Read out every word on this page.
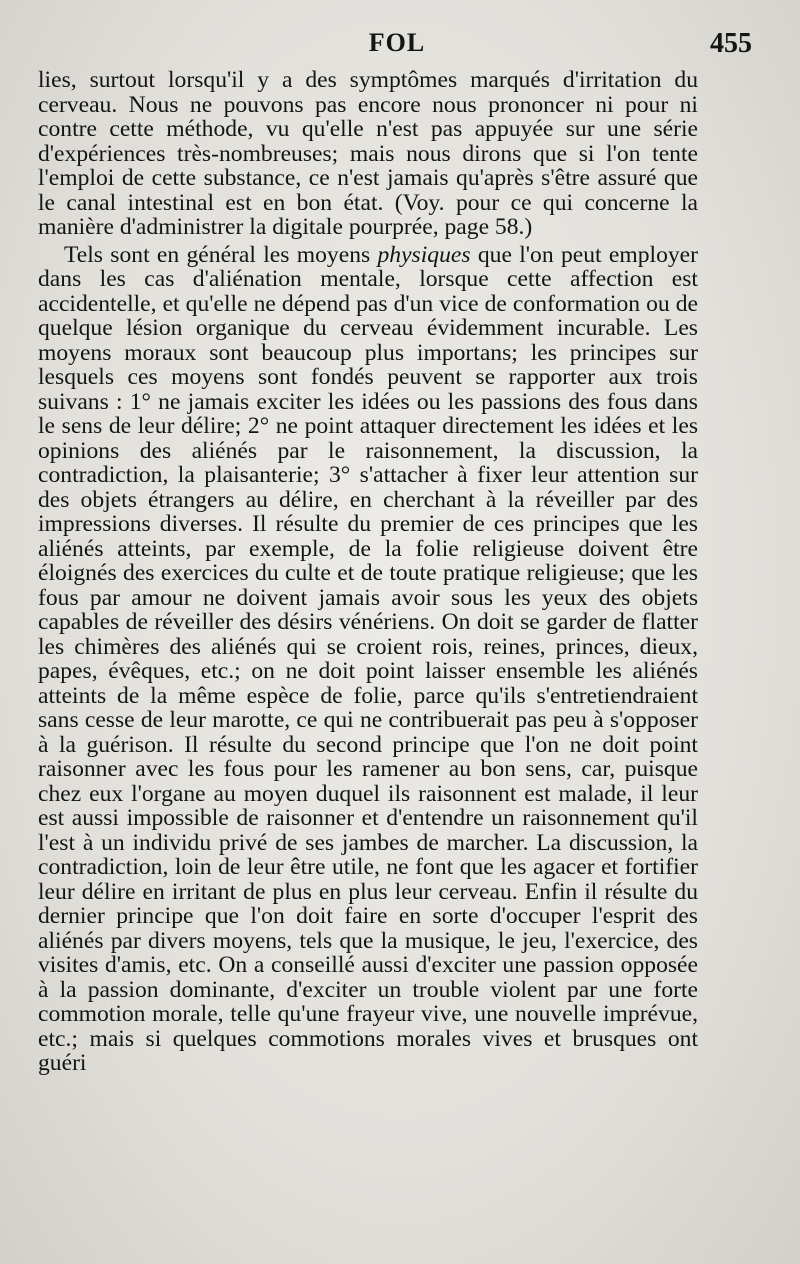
FOL	455

lies, surtout lorsqu'il y a des symptômes marqués d'irritation du cerveau. Nous ne pouvons pas encore nous prononcer ni pour ni contre cette méthode, vu qu'elle n'est pas appuyée sur une série d'expériences très-nombreuses; mais nous dirons que si l'on tente l'emploi de cette substance, ce n'est jamais qu'après s'être assuré que le canal intestinal est en bon état. (Voy. pour ce qui concerne la manière d'administrer la digitale pourprée, page 58.)

Tels sont en général les moyens physiques que l'on peut employer dans les cas d'aliénation mentale, lorsque cette affection est accidentelle, et qu'elle ne dépend pas d'un vice de conformation ou de quelque lésion organique du cerveau évidemment incurable. Les moyens moraux sont beaucoup plus importans; les principes sur lesquels ces moyens sont fondés peuvent se rapporter aux trois suivans : 1° ne jamais exciter les idées ou les passions des fous dans le sens de leur délire; 2° ne point attaquer directement les idées et les opinions des aliénés par le raisonnement, la discussion, la contradiction, la plaisanterie; 3° s'attacher à fixer leur attention sur des objets étrangers au délire, en cherchant à la réveiller par des impressions diverses. Il résulte du premier de ces principes que les aliénés atteints, par exemple, de la folie religieuse doivent être éloignés des exercices du culte et de toute pratique religieuse; que les fous par amour ne doivent jamais avoir sous les yeux des objets capables de réveiller des désirs vénériens. On doit se garder de flatter les chimères des aliénés qui se croient rois, reines, princes, dieux, papes, évêques, etc.; on ne doit point laisser ensemble les aliénés atteints de la même espèce de folie, parce qu'ils s'entretiendraient sans cesse de leur marotte, ce qui ne contribuerait pas peu à s'opposer à la guérison. Il résulte du second principe que l'on ne doit point raisonner avec les fous pour les ramener au bon sens, car, puisque chez eux l'organe au moyen duquel ils raisonnent est malade, il leur est aussi impossible de raisonner et d'entendre un raisonnement qu'il l'est à un individu privé de ses jambes de marcher. La discussion, la contradiction, loin de leur être utile, ne font que les agacer et fortifier leur délire en irritant de plus en plus leur cerveau. Enfin il résulte du dernier principe que l'on doit faire en sorte d'occuper l'esprit des aliénés par divers moyens, tels que la musique, le jeu, l'exercice, des visites d'amis, etc. On a conseillé aussi d'exciter une passion opposée à la passion dominante, d'exciter un trouble violent par une forte commotion morale, telle qu'une frayeur vive, une nouvelle imprévue, etc.; mais si quelques commotions morales vives et brusques ont guéri
